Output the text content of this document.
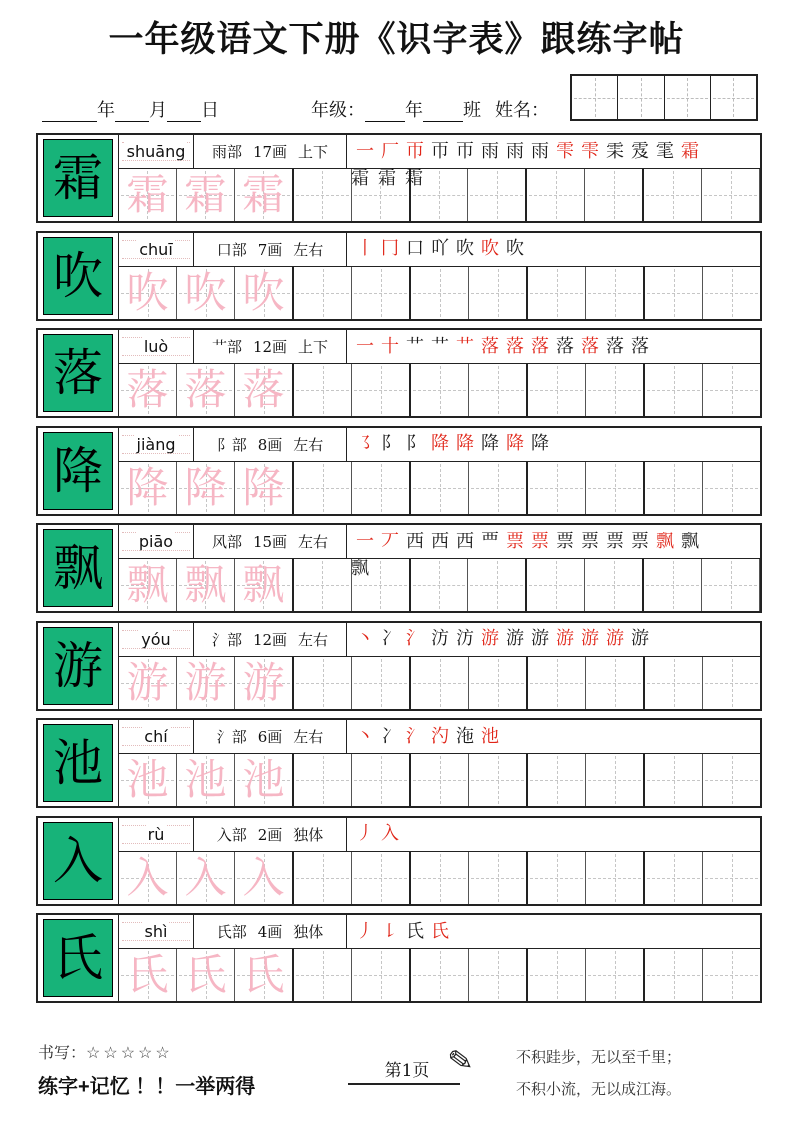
一年级语文下册《识字表》跟练字帖
年 月 日	年级： 年 班 姓名：
霜	shuāng 雨部 17画 上下 一 厂 帀 帀 帀 雨 雨 雨 雫 雫 雬 雭 雮 霜
霜 霜 霜	霜 霜 霜
吹	chuī	口部 7画 左右 丨 冂 口 吖 吹 吹 吹
吹 吹 吹
落	luò	艹部 12画 上下 一 十 艹 艹 艹 落 落 落 落 落 落 落
落 落 落
降	jiàng	阝部 8画 左右 ㇌ 阝 阝 降 降 降 降 降
降 降 降
飘	piāo	风部 15画 左右 一 丆 西 西 西 覀 票 票 票 票 票 票 飘 飘
飘 飘 飘	飘
游	yóu	氵部 12画 左右 丶 冫 氵 汸 汸 游 游 游 游 游 游 游
游 游 游
池	chí	氵部 6画 左右 丶 冫 氵 汋 沲 池
池 池 池
入	rù	入部 2画 独体 丿 入
入 入 入
氏	shì	氏部 4画 独体 丿 ㇙ 氏 氏
氏 氏 氏
书写：☆☆☆☆☆
练字+记忆 ！！一举两得
第1页 ✎	不积跬步，无以至千里；
不积小流，无以成江海。
